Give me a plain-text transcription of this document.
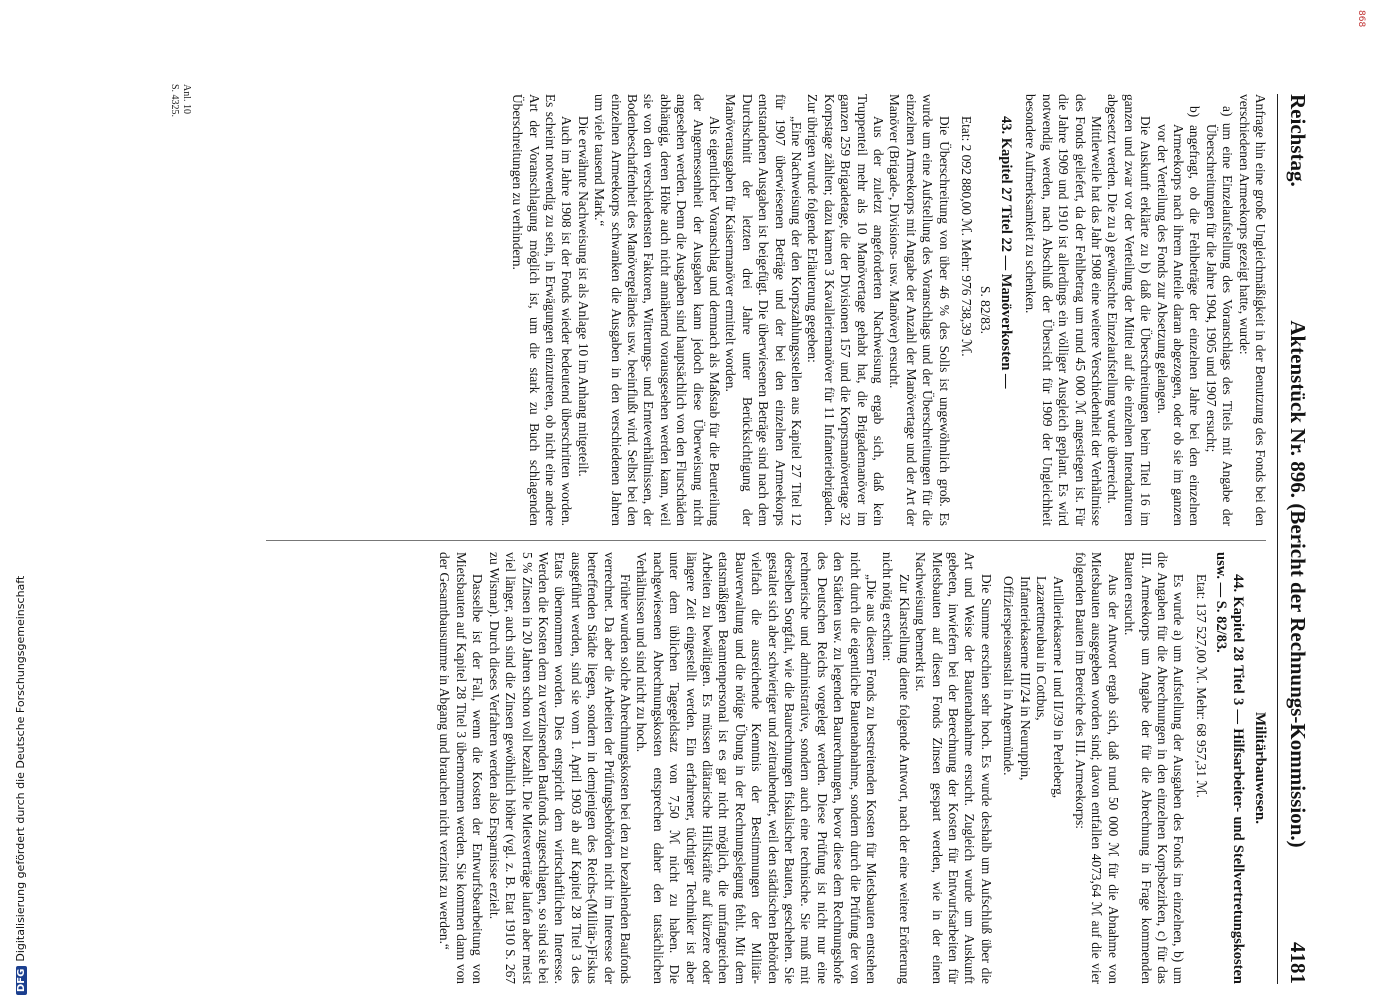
868
Reichstag.
Aktenstück Nr. 896. (Bericht der Rechnungs-Kommission.)
4181

Anfrage hin eine große Ungleichmäßigkeit in der Benutzung des Fonds bei den verschiedenen Armeekorps gezeigt hatte, wurde:

a) um eine Einzelaufstellung des Voranschlags des Titels mit Angabe der Überschreitungen für die Jahre 1904, 1905 und 1907 ersucht;

b) angefragt, ob die Fehlbeträge der einzelnen Jahre bei den einzelnen Armeekorps nach ihrem Anteile daran abgezogen, oder ob sie im ganzen vor der Verteilung des Fonds zur Absetzung gelangen.

Die Auskunft erklärte zu b) daß die Überschreitungen beim Titel 16 im ganzen und zwar vor der Verteilung der Mittel auf die einzelnen Intendanturen abgesetzt werden. Die zu a) gewünschte Einzelaufstellung wurde überreicht.

Mittlerweile hat das Jahr 1908 eine weitere Verschiedenheit der Verhältnisse des Fonds geliefert, da der Fehlbetrag um rund 45 000 ℳ angestiegen ist. Für die Jahre 1909 und 1910 ist allerdings ein völliger Ausgleich geplant. Es wird notwendig werden, nach Abschluß der Übersicht für 1909 der Ungleichheit besondere Aufmerksamkeit zu schenken.

43. Kapitel 27 Titel 22 — Manöverkosten —
S. 82/83.
Etat: 2 092 880,00 ℳ. Mehr: 976 738,39 ℳ.

Die Überschreitung von über 46 % des Solls ist ungewöhnlich groß. Es wurde um eine Aufstellung des Voranschlags und der Überschreitungen für die einzelnen Armeekorps mit Angabe der Anzahl der Manövertage und der Art der Manöver (Brigade-, Divisions- usw. Manöver) ersucht.

Aus der zuletzt angeforderten Nachweisung ergab sich, daß kein Truppenteil mehr als 10 Manövertage gehabt hat, die Brigademanöver im ganzen 259 Brigadetage, die der Divisionen 157 und die Korpsmanövertage 32 Korpstage zählten; dazu kamen 3 Kavalleriemanöver für 11 Infanteriebrigaden. Zur übrigen wurde folgende Erläuterung gegeben:

„Eine Nachweisung der den Korpszahlungsstellen aus Kapitel 27 Titel 12 für 1907 überwiesenen Beträge und der bei den einzelnen Armeekorps entstandenen Ausgaben ist beigefügt. Die überwiesenen Beträge sind nach dem Durchschnitt der letzten drei Jahre unter Berücksichtigung der Manöverausgaben für Kaisermanöver ermittelt worden.

Als eigentlicher Voranschlag und demnach als Maßstab für die Beurteilung der Angemessenheit der Ausgaben kann jedoch diese Überweisung nicht angesehen werden. Denn die Ausgaben sind hauptsächlich von den Flurschäden abhängig, deren Höhe auch nicht annähernd vorausgesehen werden kann, weil sie von den verschiedensten Faktoren, Witterungs- und Ernteverhältnissen, der Bodenbeschaffenheit des Manövergeländes usw. beeinflußt wird. Selbst bei den einzelnen Armeekorps schwanken die Ausgaben in den verschiedenen Jahren um viele tausend Mark.“

Die erwähnte Nachweisung ist als Anlage 10 im Anhang mitgeteilt.

Auch im Jahre 1908 ist der Fonds wieder bedeutend überschritten worden. Es scheint notwendig zu sein, in Erwägungen einzutreten, ob nicht eine andere Art der Voranschlagung möglich ist, um die stark zu Buch schlagenden Überschreitungen zu verhindern.

Militärbauwesen.
44. Kapitel 28 Titel 3 — Hilfsarbeiter- und Stellvertretungskosten usw. — S. 82/83.
Etat: 137 527,00 ℳ. Mehr: 68 957,31 ℳ.

Es wurde a) um Aufstellung der Ausgaben des Fonds im einzelnen, b) um die Angaben für die Abrechnungen in den einzelnen Korpsbezirken, c) für das III. Armeekorps um Angabe der für die Abrechnung in Frage kommenden Bauten ersucht.

Aus der Antwort ergab sich, daß rund 50 000 ℳ für die Abnahme von Mietsbauten ausgegeben worden sind; davon entfallen 4073,64 ℳ auf die vier folgenden Bauten im Bereiche des III. Armeekorps:

Artilleriekaserne I und II/39 in Perleberg,
Lazarettneubau in Cottbus,
Infanteriekaserne III/24 in Neuruppin,
Offizierspeiseanstalt in Angermünde.

Die Summe erschien sehr hoch. Es wurde deshalb um Aufschluß über die Art und Weise der Bautenabnahme ersucht. Zugleich wurde um Auskunft gebeten, inwiefern bei der Berechnung der Kosten für Entwurfsarbeiten für Mietsbauten auf diesen Fonds Zinsen gespart werden, wie in der einen Nachweisung bemerkt ist.

Zur Klarstellung diente folgende Antwort, nach der eine weitere Erörterung nicht nötig erschien:

„Die aus diesem Fonds zu bestreitenden Kosten für Mietsbauten entstehen nicht durch die eigentliche Bautenabnahme, sondern durch die Prüfung der von den Städten usw. zu legenden Baurechnungen, bevor diese dem Rechnungshofe des Deutschen Reichs vorgelegt werden. Diese Prüfung ist nicht nur eine rechnerische und administrative, sondern auch eine technische. Sie muß mit derselben Sorgfalt, wie die Baurechnungen fiskalischer Bauten, geschehen. Sie gestaltet sich aber schwieriger und zeitraubender, weil den städtischen Behörden vielfach die ausreichende Kenntnis der Bestimmungen der Militär-Bauverwaltung und die nötige Übung in der Rechnungslegung fehlt. Mit dem etatsmäßigen Beamtenpersonal ist es gar nicht möglich, die umfangreichen Arbeiten zu bewältigen. Es müssen diätarische Hilfskräfte auf kürzere oder längere Zeit eingestellt werden. Ein erfahrener, tüchtiger Techniker ist aber unter dem üblichen Tagegeldsatz von 7,50 ℳ nicht zu haben. Die nachgewiesenen Abrechnungskosten entsprechen daher den tatsächlichen Verhältnissen und sind nicht zu hoch.

Früher wurden solche Abrechnungskosten bei den zu bezahlenden Baufonds verrechnet. Da aber die Arbeiten der Prüfungsbehörden nicht im Interesse der betreffenden Städte liegen, sondern in demjenigen des Reichs-(Militär-)Fiskus ausgeführt werden, sind sie vom 1. April 1903 ab auf Kapitel 28 Titel 3 des Etats übernommen worden. Dies entspricht dem wirtschaftlichen Interesse. Werden die Kosten dem zu verzinsenden Baufonds zugeschlagen, so sind sie bei 5 % Zinsen in 20 Jahren schon voll bezahlt. Die Mietsverträge laufen aber meist viel länger, auch sind die Zinsen gewöhnlich höher (vgl. z. B. Etat 1910 S. 267 zu Wismar). Durch dieses Verfahren werden also Ersparnisse erzielt.

Dasselbe ist der Fall, wenn die Kosten der Entwurfsbearbeitung von Mietsbauten auf Kapitel 28 Titel 3 übernommen werden. Sie kommen dann von der Gesamtbausumme in Abgang und brauchen nicht verzinst zu werden.“

Anl. 10
S. 4325.
DFGDigitalisierung gefördert durch die Deutsche Forschungsgemeinschaft
